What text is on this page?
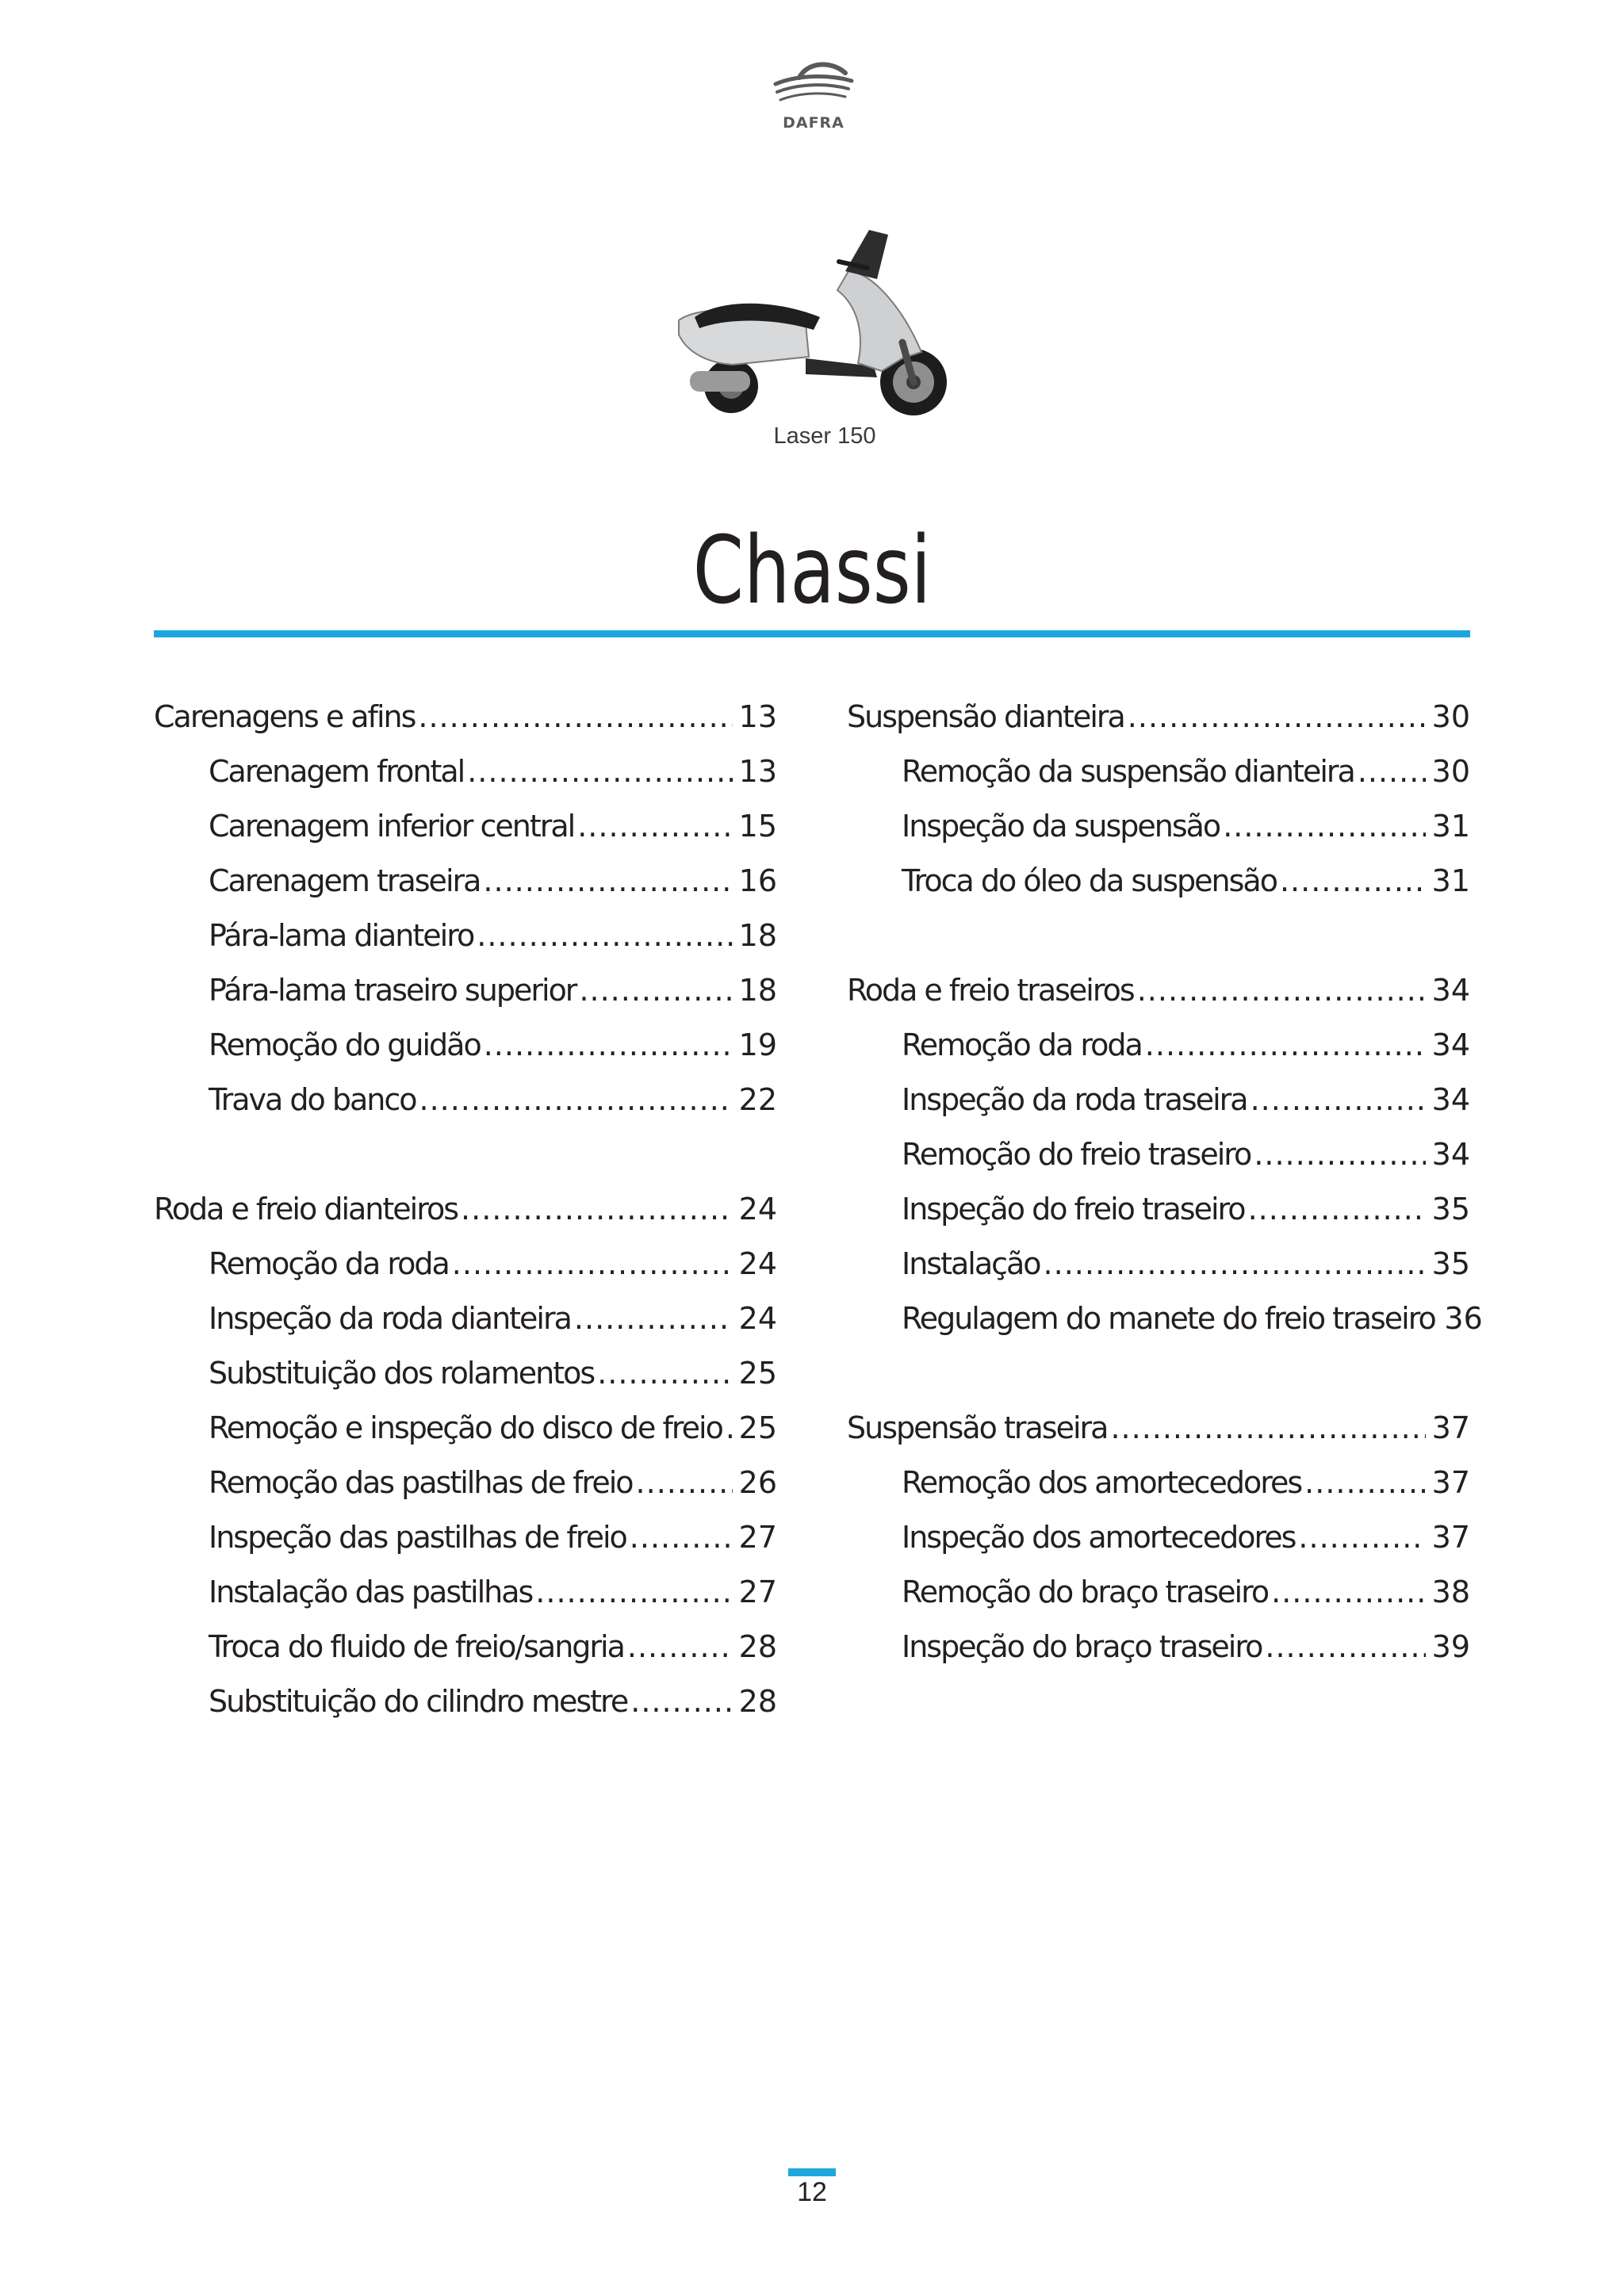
DAFRA
Laser 150
Chassi
Carenagens e afins .....	13
Carenagem frontal .....	13
Carenagem inferior central .....	15
Carenagem traseira .....	16
Pára-lama dianteiro .....	18
Pára-lama traseiro superior .....	18
Remoção do guidão .....	19
Trava do banco .....	22
Roda e freio dianteiros .....	24
Remoção da roda .....	24
Inspeção da roda dianteira .....	24
Substituição dos rolamentos .....	25
Remoção e inspeção do disco de freio ..... 25
Remoção das pastilhas de freio .....	26
Inspeção das pastilhas de freio .....	27
Instalação das pastilhas .....	27
Troca do fluido de freio/sangria .....	28
Substituição do cilindro mestre .....	28
Suspensão dianteira .....	30
Remoção da suspensão dianteira .....	30
Inspeção da suspensão .....	31
Troca do óleo da suspensão .....	31
Roda e freio traseiros .....	34
Remoção da roda .....	34
Inspeção da roda traseira .....	34
Remoção do freio traseiro .....	34
Inspeção do freio traseiro .....	35
Instalação .....	35
Regulagem do manete do freio traseiro 36
Suspensão traseira .....	37
Remoção dos amortecedores .....	37
Inspeção dos amortecedores .....	37
Remoção do braço traseiro .....	38
Inspeção do braço traseiro .....	39
12
